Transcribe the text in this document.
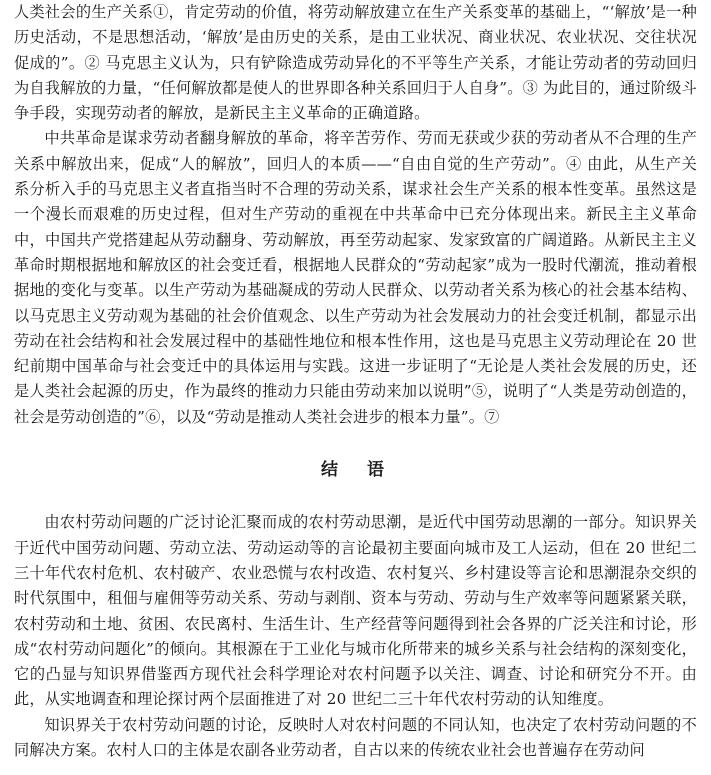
人类社会的生产关系①，肯定劳动的价值，将劳动解放建立在生产关系变革的基础上，“‘解放’是一种历史活动，不是思想活动，‘解放’是由历史的关系，是由工业状况、商业状况、农业状况、交往状况促成的”。② 马克思主义认为，只有铲除造成劳动异化的不平等生产关系，才能让劳动者的劳动回归为自我解放的力量，“任何解放都是使人的世界即各种关系回归于人自身”。③ 为此目的，通过阶级斗争手段，实现劳动者的解放，是新民主主义革命的正确道路。

中共革命是谋求劳动者翻身解放的革命，将辛苦劳作、劳而无获或少获的劳动者从不合理的生产关系中解放出来，促成“人的解放”，回归人的本质——“自由自觉的生产劳动”。④ 由此，从生产关系分析入手的马克思主义者直指当时不合理的劳动关系，谋求社会生产关系的根本性变革。虽然这是一个漫长而艰难的历史过程，但对生产劳动的重视在中共革命中已充分体现出来。新民主主义革命中，中国共产党搭建起从劳动翻身、劳动解放，再至劳动起家、发家致富的广阔道路。从新民主主义革命时期根据地和解放区的社会变迁看，根据地人民群众的“劳动起家”成为一股时代潮流，推动着根据地的变化与变革。以生产劳动为基础凝成的劳动人民群众、以劳动者关系为核心的社会基本结构、以马克思主义劳动观为基础的社会价值观念、以生产劳动为社会发展动力的社会变迁机制，都显示出劳动在社会结构和社会发展过程中的基础性地位和根本性作用，这也是马克思主义劳动理论在 20 世纪前期中国革命与社会变迁中的具体运用与实践。这进一步证明了“无论是人类社会发展的历史，还是人类社会起源的历史，作为最终的推动力只能由劳动来加以说明”⑤，说明了“人类是劳动创造的，社会是劳动创造的”⑥，以及“劳动是推动人类社会进步的根本力量”。⑦

结　语

由农村劳动问题的广泛讨论汇聚而成的农村劳动思潮，是近代中国劳动思潮的一部分。知识界关于近代中国劳动问题、劳动立法、劳动运动等的言论最初主要面向城市及工人运动，但在 20 世纪二三十年代农村危机、农村破产、农业恐慌与农村改造、农村复兴、乡村建设等言论和思潮混杂交织的时代氛围中，租佃与雇佣等劳动关系、劳动与剥削、资本与劳动、劳动与生产效率等问题紧紧关联，农村劳动和土地、贫困、农民离村、生活生计、生产经营等问题得到社会各界的广泛关注和讨论，形成“农村劳动问题化”的倾向。其根源在于工业化与城市化所带来的城乡关系与社会结构的深刻变化，它的凸显与知识界借鉴西方现代社会科学理论对农村问题予以关注、调查、讨论和研究分不开。由此，从实地调查和理论探讨两个层面推进了对 20 世纪二三十年代农村劳动的认知维度。

知识界关于农村劳动问题的讨论，反映时人对农村问题的不同认知，也决定了农村劳动问题的不同解决方案。农村人口的主体是农副各业劳动者，自古以来的传统农业社会也普遍存在劳动问
